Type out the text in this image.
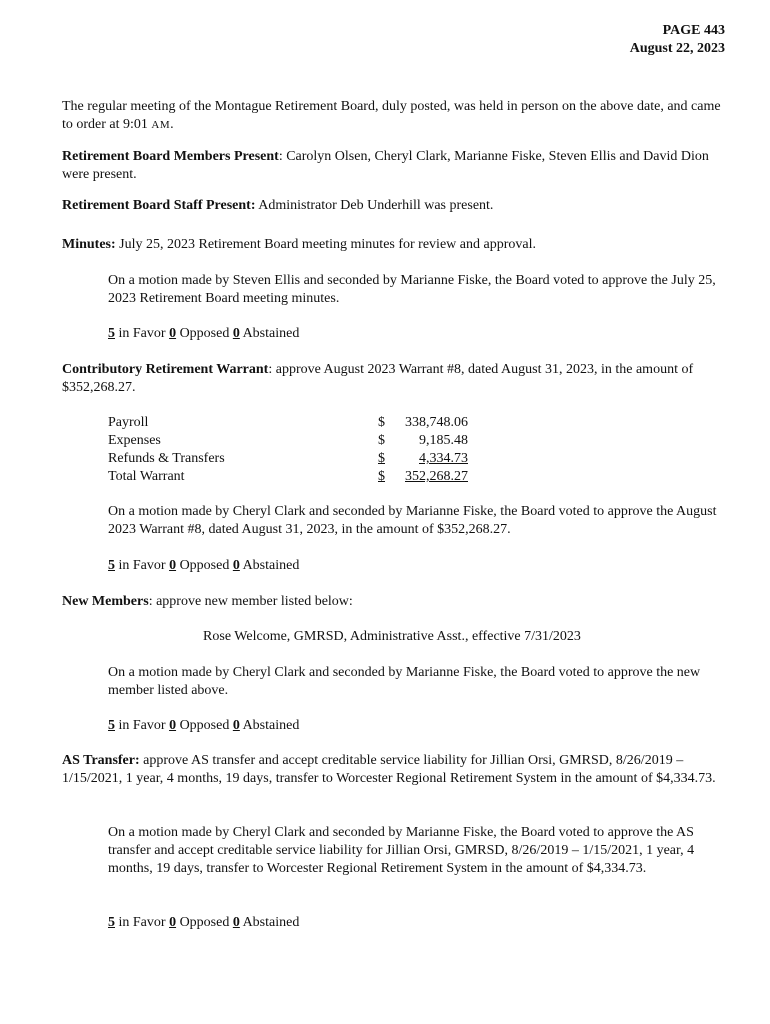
PAGE 443
August 22, 2023
The regular meeting of the Montague Retirement Board, duly posted, was held in person on the above date, and came to order at 9:01 AM.
Retirement Board Members Present: Carolyn Olsen, Cheryl Clark, Marianne Fiske, Steven Ellis and David Dion were present.
Retirement Board Staff Present: Administrator Deb Underhill was present.
Minutes: July 25, 2023 Retirement Board meeting minutes for review and approval.
On a motion made by Steven Ellis and seconded by Marianne Fiske, the Board voted to approve the July 25, 2023 Retirement Board meeting minutes.
5 in Favor 0 Opposed 0 Abstained
Contributory Retirement Warrant: approve August 2023 Warrant #8, dated August 31, 2023, in the amount of $352,268.27.
Payroll	$	338,748.06
Expenses	$	9,185.48
Refunds & Transfers	$	4,334.73
Total Warrant	$	352,268.27
On a motion made by Cheryl Clark and seconded by Marianne Fiske, the Board voted to approve the August 2023 Warrant #8, dated August 31, 2023, in the amount of $352,268.27.
5 in Favor 0 Opposed 0 Abstained
New Members: approve new member listed below:
Rose Welcome, GMRSD, Administrative Asst., effective 7/31/2023
On a motion made by Cheryl Clark and seconded by Marianne Fiske, the Board voted to approve the new member listed above.
5 in Favor 0 Opposed 0 Abstained
AS Transfer: approve AS transfer and accept creditable service liability for Jillian Orsi, GMRSD, 8/26/2019 – 1/15/2021, 1 year, 4 months, 19 days, transfer to Worcester Regional Retirement System in the amount of $4,334.73.
On a motion made by Cheryl Clark and seconded by Marianne Fiske, the Board voted to approve the AS transfer and accept creditable service liability for Jillian Orsi, GMRSD, 8/26/2019 – 1/15/2021, 1 year, 4 months, 19 days, transfer to Worcester Regional Retirement System in the amount of $4,334.73.
5 in Favor 0 Opposed 0 Abstained
